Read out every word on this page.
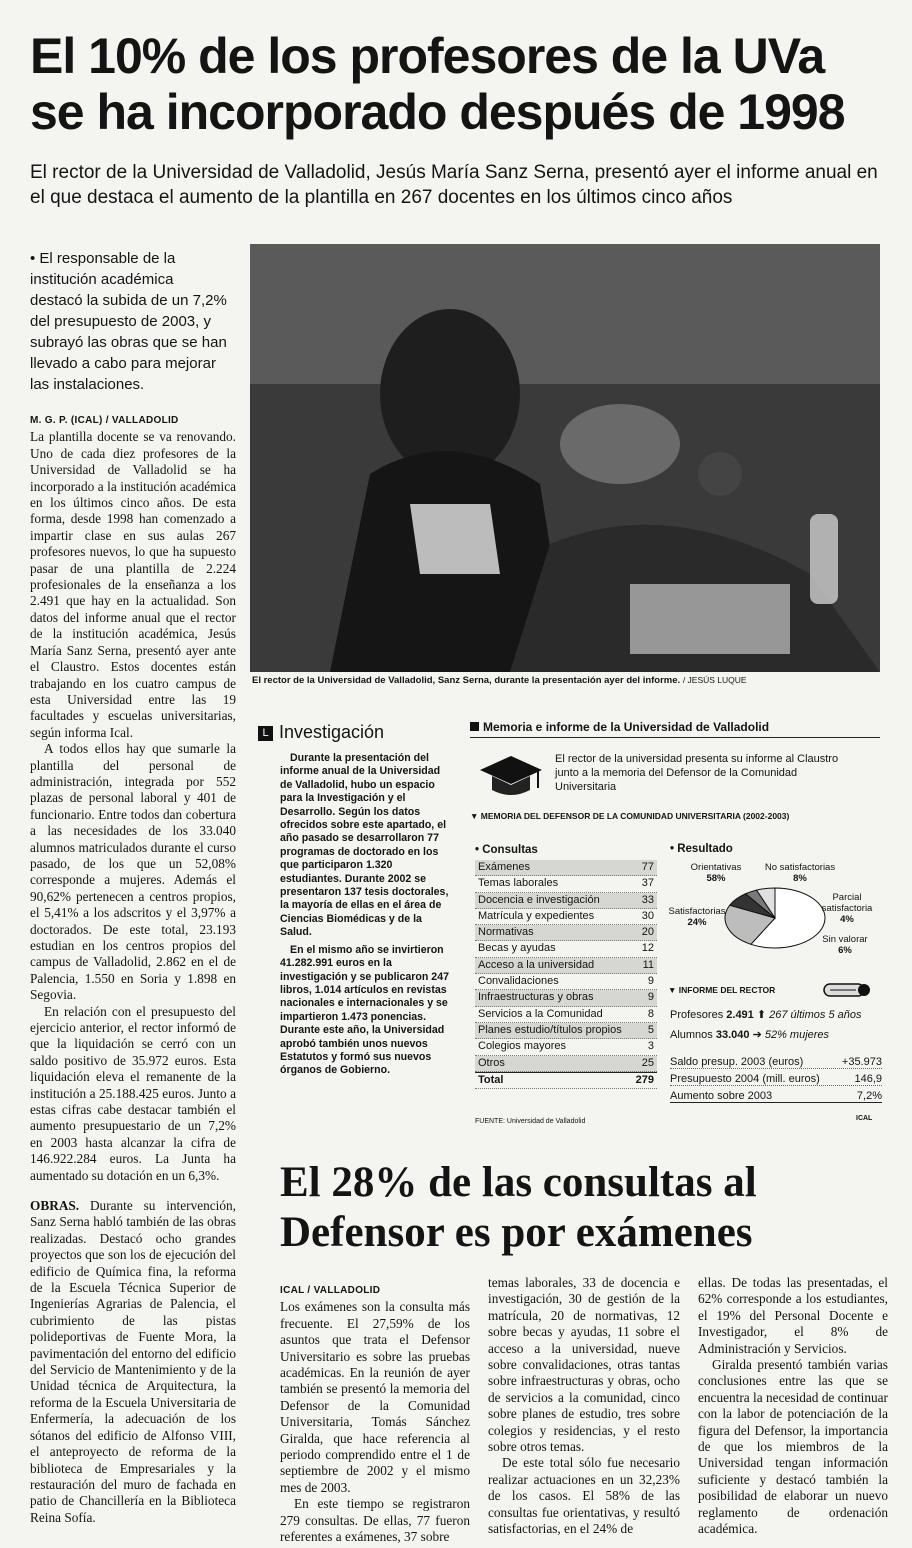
El 10% de los profesores de la UVa se ha incorporado después de 1998

El rector de la Universidad de Valladolid, Jesús María Sanz Serna, presentó ayer el informe anual en el que destaca el aumento de la plantilla en 267 docentes en los últimos cinco años

• El responsable de la institución académica destacó la subida de un 7,2% del presupuesto de 2003, y subrayó las obras que se han llevado a cabo para mejorar las instalaciones.
M. G. P. (ICAL) / VALLADOLID

La plantilla docente se va renovando. Uno de cada diez profesores de la Universidad de Valladolid se ha incorporado a la institución académica en los últimos cinco años. De esta forma, desde 1998 han comenzado a impartir clase en sus aulas 267 profesores nuevos, lo que ha supuesto pasar de una plantilla de 2.224 profesionales de la enseñanza a los 2.491 que hay en la actualidad. Son datos del informe anual que el rector de la institución académica, Jesús María Sanz Serna, presentó ayer ante el Claustro. Estos docentes están trabajando en los cuatro campus de esta Universidad entre las 19 facultades y escuelas universitarias, según informa Ical.

A todos ellos hay que sumarle la plantilla del personal de administración, integrada por 552 plazas de personal laboral y 401 de funcionario. Entre todos dan cobertura a las necesidades de los 33.040 alumnos matriculados durante el curso pasado, de los que un 52,08% corresponde a mujeres. Además el 90,62% pertenecen a centros propios, el 5,41% a los adscritos y el 3,97% a doctorados. De este total, 23.193 estudian en los centros propios del campus de Valladolid, 2.862 en el de Palencia, 1.550 en Soria y 1.898 en Segovia.

En relación con el presupuesto del ejercicio anterior, el rector informó de que la liquidación se cerró con un saldo positivo de 35.972 euros. Esta liquidación eleva el remanente de la institución a 25.188.425 euros. Junto a estas cifras cabe destacar también el aumento presupuestario de un 7,2% en 2003 hasta alcanzar la cifra de 146.922.284 euros. La Junta ha aumentado su dotación en un 6,3%.

OBRAS. Durante su intervención, Sanz Serna habló también de las obras realizadas. Destacó ocho grandes proyectos que son los de ejecución del edificio de Química fina, la reforma de la Escuela Técnica Superior de Ingenierías Agrarias de Palencia, el cubrimiento de las pistas polideportivas de Fuente Mora, la pavimentación del entorno del edificio del Servicio de Mantenimiento y de la Unidad técnica de Arquitectura, la reforma de la Escuela Universitaria de Enfermería, la adecuación de los sótanos del edificio de Alfonso VIII, el anteproyecto de reforma de la biblioteca de Empresariales y la restauración del muro de fachada en patio de Chancillería en la Biblioteca Reina Sofía.

El rector de la Universidad de Valladolid, Sanz Serna, durante la presentación ayer del informe. / JESÚS LUQUE
L Investigación

Durante la presentación del informe anual de la Universidad de Valladolid, hubo un espacio para la Investigación y el Desarrollo. Según los datos ofrecidos sobre este apartado, el año pasado se desarrollaron 77 programas de doctorado en los que participaron 1.320 estudiantes. Durante 2002 se presentaron 137 tesis doctorales, la mayoría de ellas en el área de Ciencias Biomédicas y de la Salud.

En el mismo año se invirtieron 41.282.991 euros en la investigación y se publicaron 247 libros, 1.014 artículos en revistas nacionales e internacionales y se impartieron 1.473 ponencias. Durante este año, la Universidad aprobó también unos nuevos Estatutos y formó sus nuevos órganos de Gobierno.

Memoria e informe de la Universidad de Valladolid
El rector de la universidad presenta su informe al Claustro junto a la memoria del Defensor de la Comunidad Universitaria
▼ MEMORIA DEL DEFENSOR DE LA COMUNIDAD UNIVERSITARIA (2002-2003)
• Consultas
Exámenes	77
Temas laborales	37
Docencia e investigación	33
Matrícula y expedientes	30
Normativas	20
Becas y ayudas	12
Acceso a la universidad	11
Convalidaciones	9
Infraestructuras y obras	9
Servicios a la Comunidad	8
Planes estudio/títulos propios 5
Colegios mayores	3
Otros	25
Total	279
FUENTE: Universidad de Valladolid
• Resultado
Orientativas
58%
Satisfactorias
24%
No satisfactorias
8%
Parcial satisfactoria
4%
Sin valorar
6%
▼ INFORME DEL RECTOR
Profesores 2.491 ⬆ 267 últimos 5 años
Alumnos 33.040 ➔ 52% mujeres
Saldo presup. 2003 (euros)	+35.973
Presupuesto 2004 (mill. euros)	146,9
Aumento sobre 2003	7,2%
ICAL
El 28% de las consultas al Defensor es por exámenes
ICAL / VALLADOLID

Los exámenes son la consulta más frecuente. El 27,59% de los asuntos que trata el Defensor Universitario es sobre las pruebas académicas. En la reunión de ayer también se presentó la memoria del Defensor de la Comunidad Universitaria, Tomás Sánchez Giralda, que hace referencia al periodo comprendido entre el 1 de septiembre de 2002 y el mismo mes de 2003.

En este tiempo se registraron 279 consultas. De ellas, 77 fueron referentes a exámenes, 37 sobre

temas laborales, 33 de docencia e investigación, 30 de gestión de la matrícula, 20 de normativas, 12 sobre becas y ayudas, 11 sobre el acceso a la universidad, nueve sobre convalidaciones, otras tantas sobre infraestructuras y obras, ocho de servicios a la comunidad, cinco sobre planes de estudio, tres sobre colegios y residencias, y el resto sobre otros temas.

De este total sólo fue necesario realizar actuaciones en un 32,23% de los casos. El 58% de las consultas fue orientativas, y resultó satisfactorias, en el 24% de

ellas. De todas las presentadas, el 62% corresponde a los estudiantes, el 19% del Personal Docente e Investigador, el 8% de Administración y Servicios.

Giralda presentó también varias conclusiones entre las que se encuentra la necesidad de continuar con la labor de potenciación de la figura del Defensor, la importancia de que los miembros de la Universidad tengan información suficiente y destacó también la posibilidad de elaborar un nuevo reglamento de ordenación académica.
